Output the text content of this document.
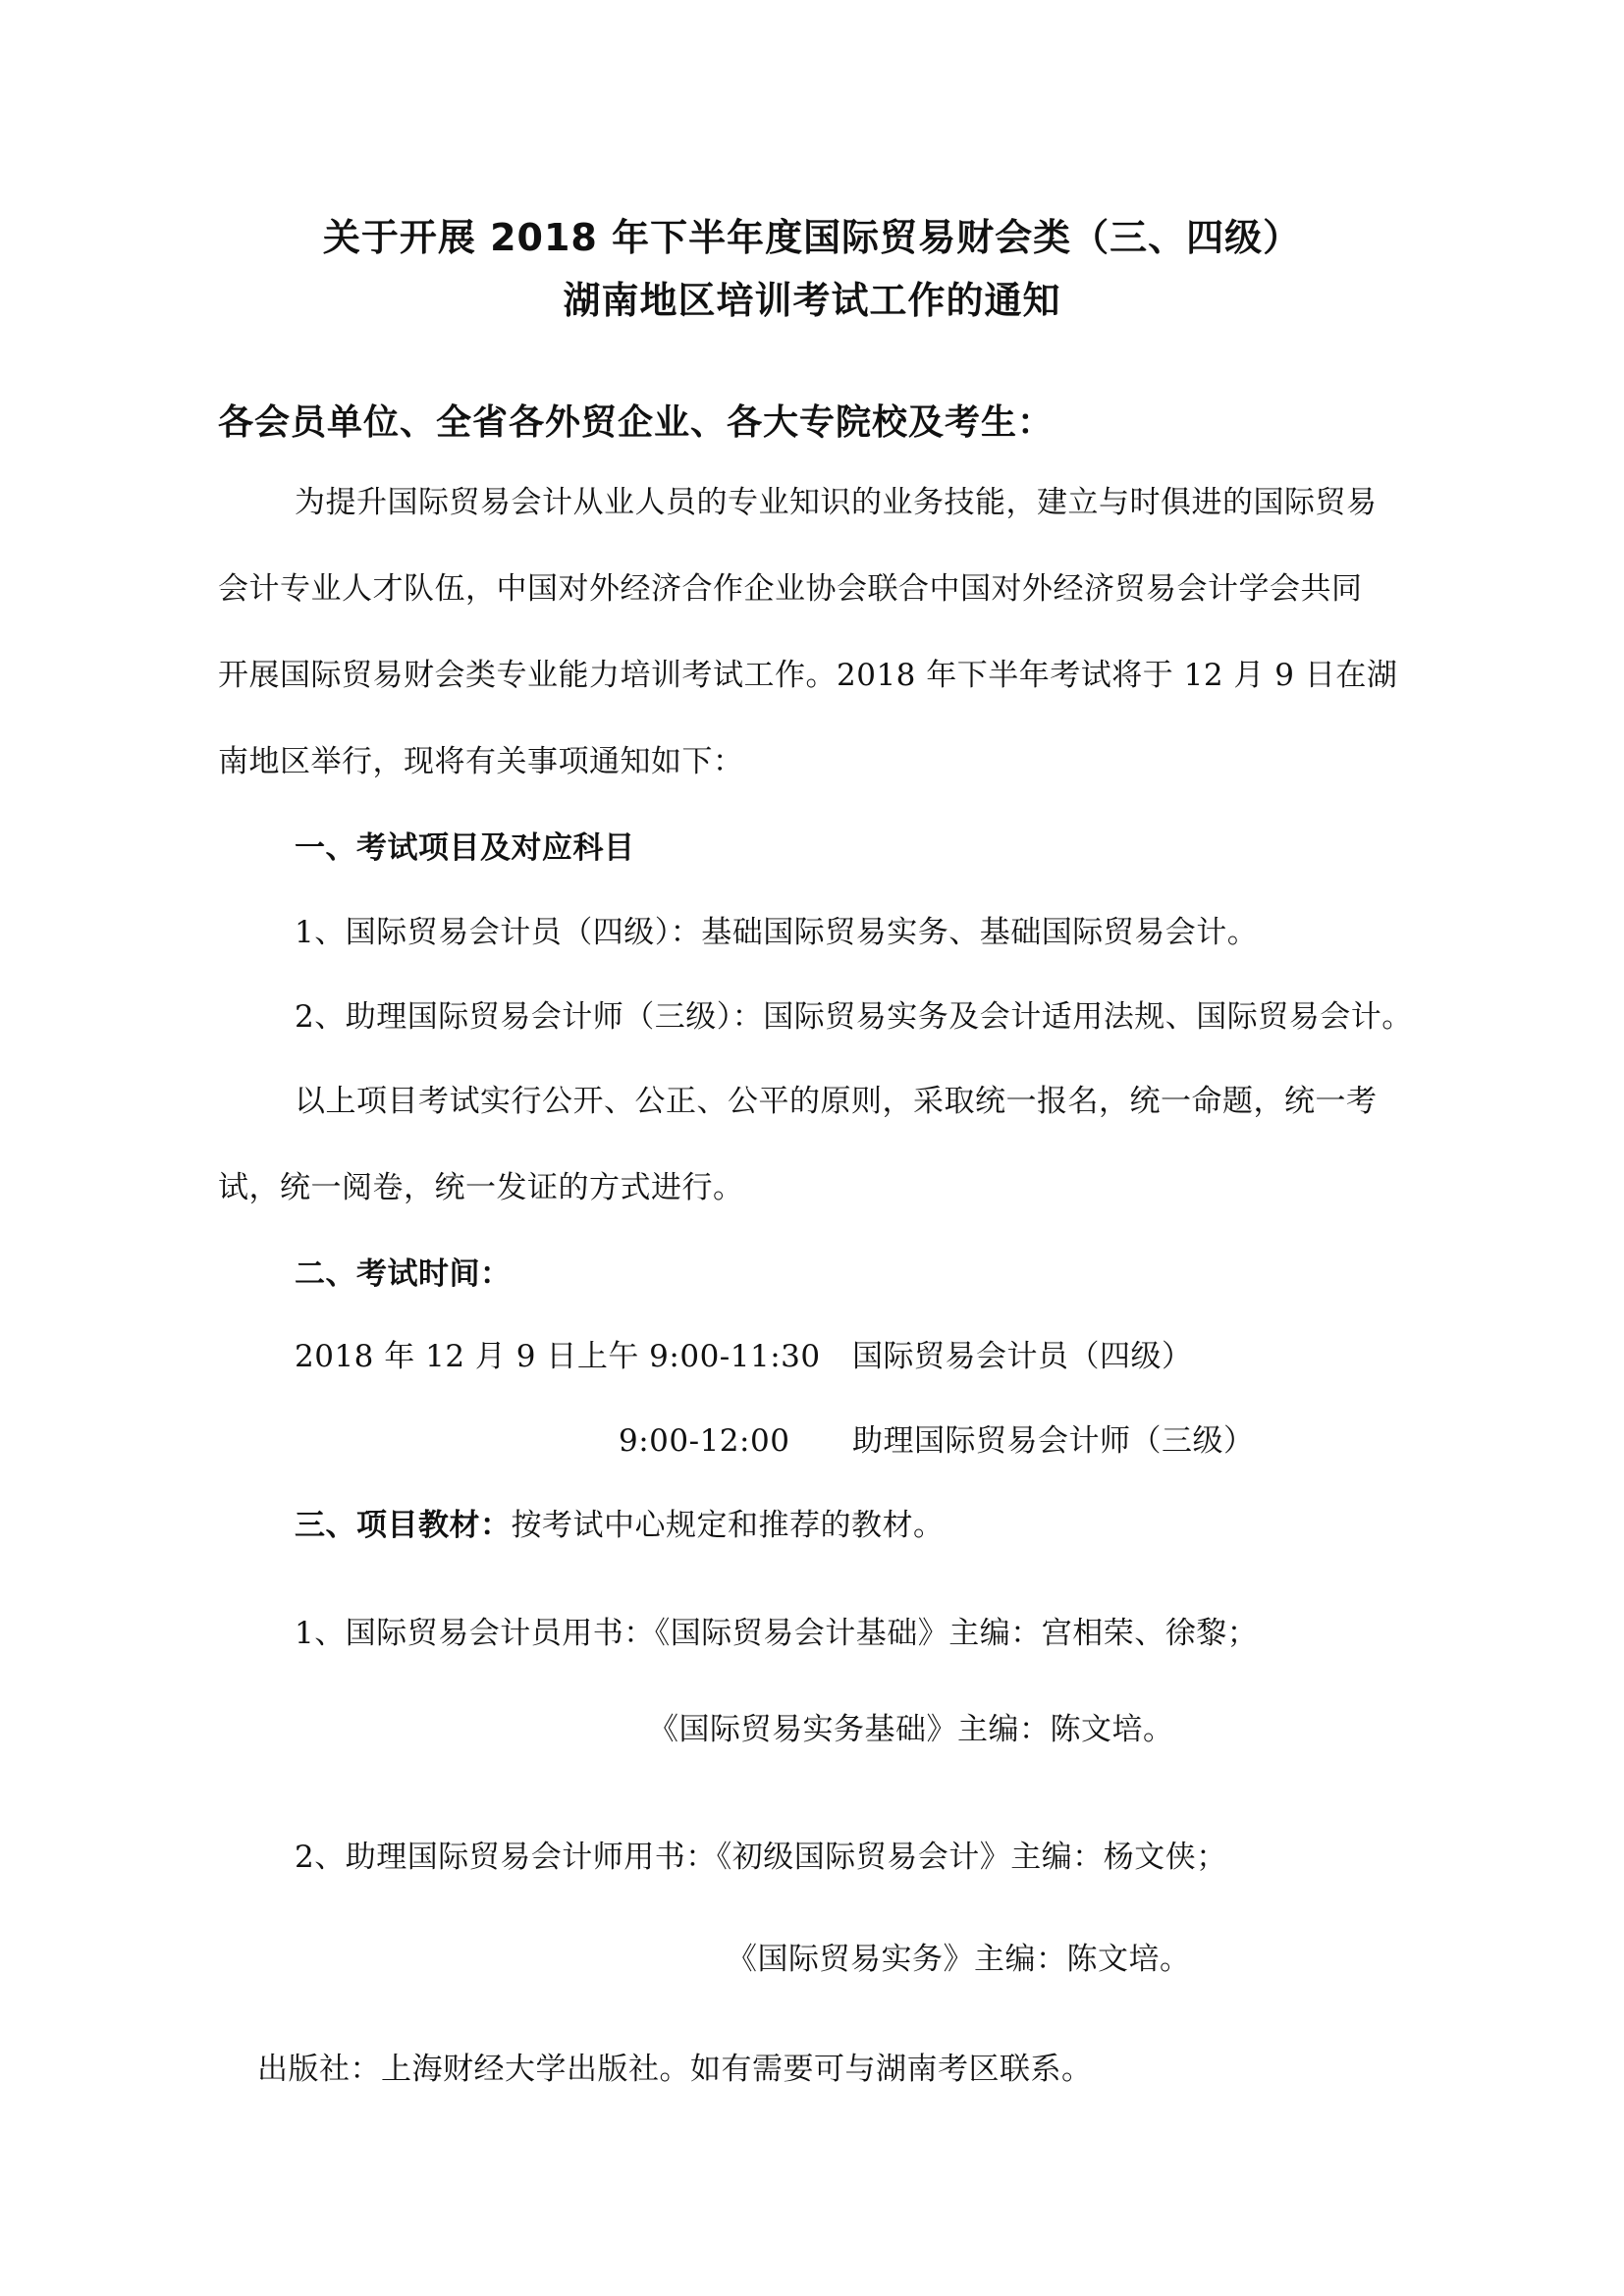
关于开展 2018 年下半年度国际贸易财会类（三、四级）
湖南地区培训考试工作的通知
各会员单位、全省各外贸企业、各大专院校及考生：
为提升国际贸易会计从业人员的专业知识的业务技能，建立与时俱进的国际贸易
会计专业人才队伍，中国对外经济合作企业协会联合中国对外经济贸易会计学会共同
开展国际贸易财会类专业能力培训考试工作。2018 年下半年考试将于 12 月 9 日在湖
南地区举行，现将有关事项通知如下：
一、考试项目及对应科目
1、国际贸易会计员（四级）：基础国际贸易实务、基础国际贸易会计。
2、助理国际贸易会计师（三级）：国际贸易实务及会计适用法规、国际贸易会计。
以上项目考试实行公开、公正、公平的原则，采取统一报名，统一命题，统一考
试，统一阅卷，统一发证的方式进行。
二、考试时间：
2018 年 12 月 9 日上午 9:00-11:30 国际贸易会计员（四级）
9:00-12:00 助理国际贸易会计师（三级）
三、项目教材：按考试中心规定和推荐的教材。
1、国际贸易会计员用书：《国际贸易会计基础》主编：宫相荣、徐黎；
《国际贸易实务基础》主编：陈文培。
2、助理国际贸易会计师用书：《初级国际贸易会计》主编：杨文侠；
《国际贸易实务》主编：陈文培。
出版社：上海财经大学出版社。如有需要可与湖南考区联系。
